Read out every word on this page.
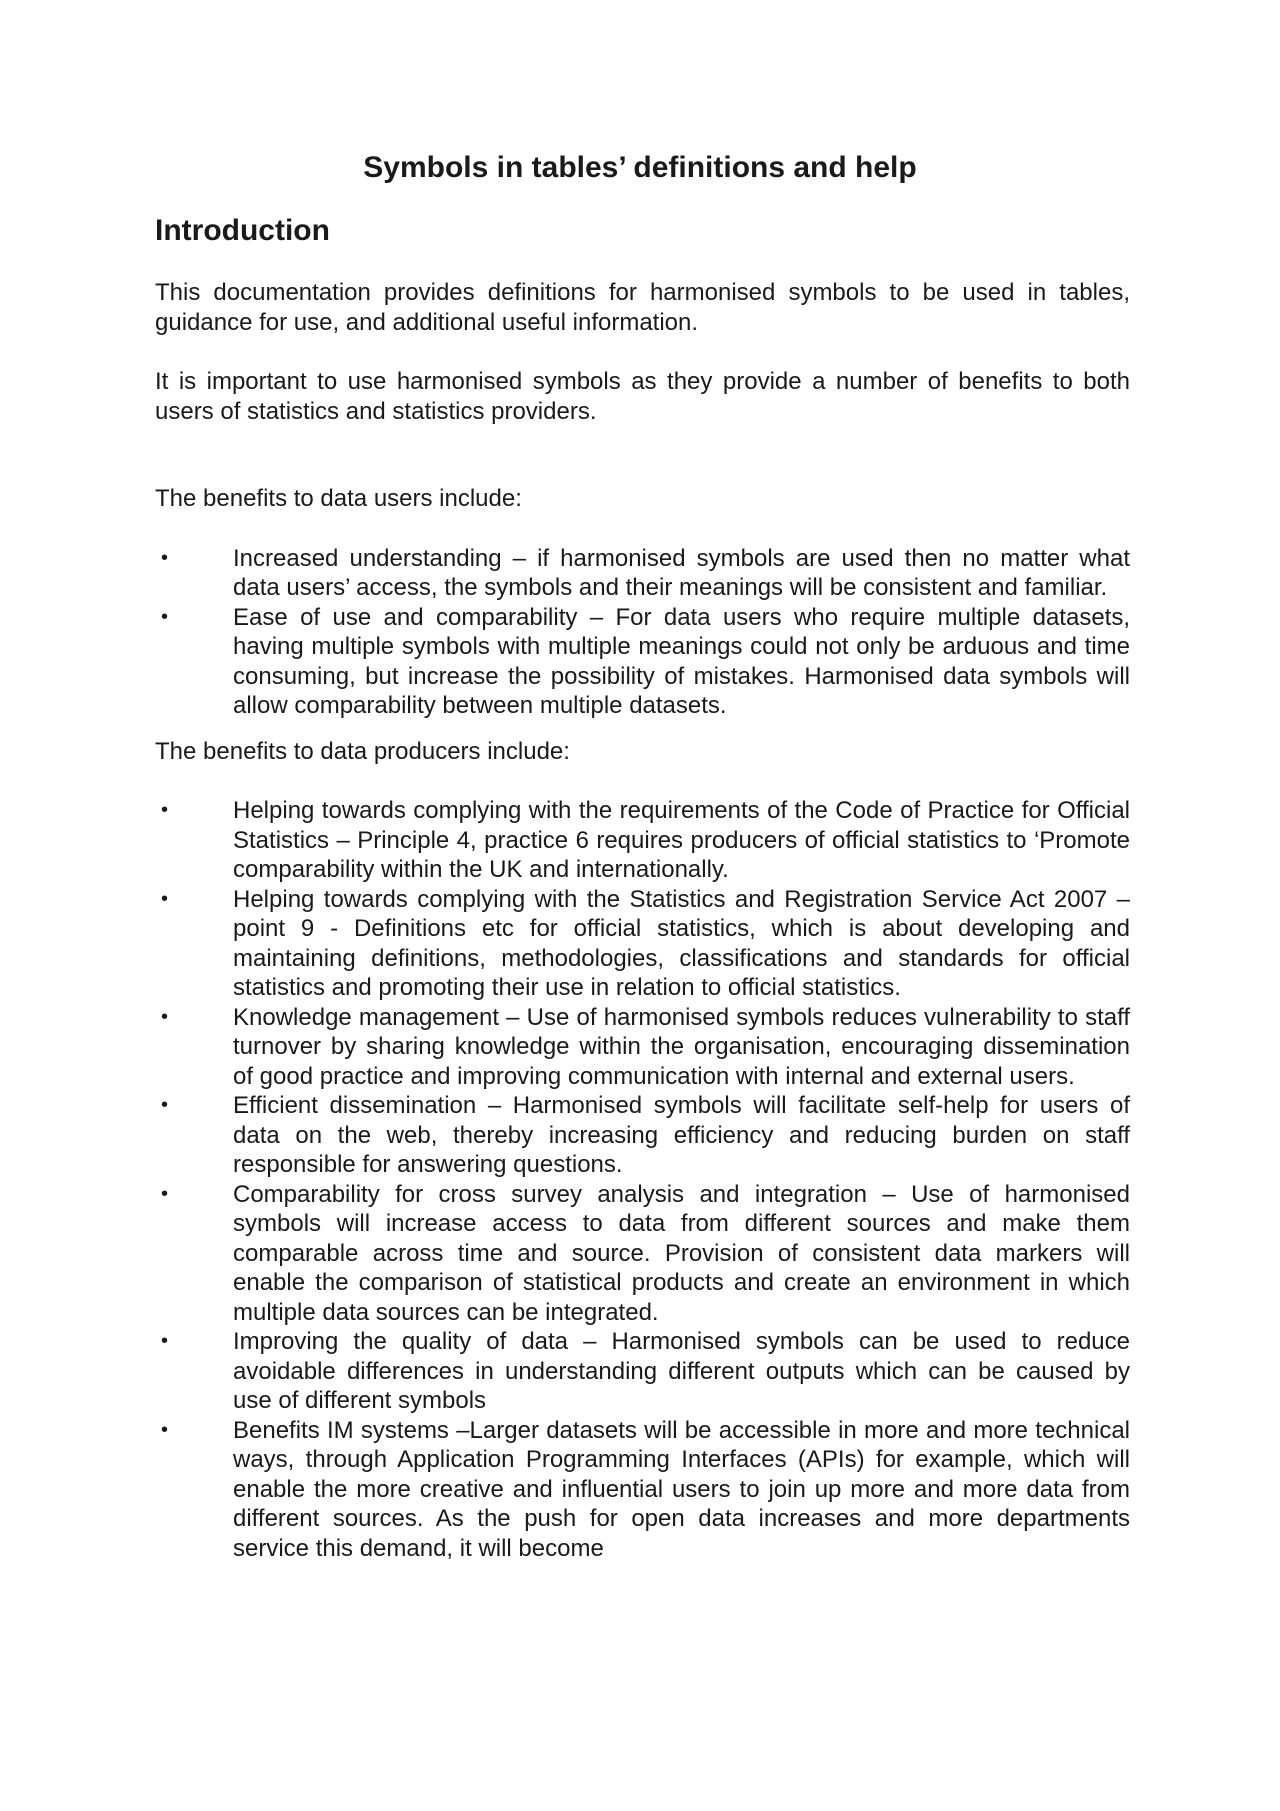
Symbols in tables’ definitions and help
Introduction

This documentation provides definitions for harmonised symbols to be used in tables, guidance for use, and additional useful information.

It is important to use harmonised symbols as they provide a number of benefits to both users of statistics and statistics providers.

The benefits to data users include:

•	Increased understanding – if harmonised symbols are used then no matter what data users’ access, the symbols and their meanings will be consistent and familiar.
•	Ease of use and comparability – For data users who require multiple datasets, having multiple symbols with multiple meanings could not only be arduous and time consuming, but increase the possibility of mistakes. Harmonised data symbols will allow comparability between multiple datasets.

The benefits to data producers include:

•	Helping towards complying with the requirements of the Code of Practice for Official Statistics – Principle 4, practice 6 requires producers of official statistics to ‘Promote comparability within the UK and internationally.
•	Helping towards complying with the Statistics and Registration Service Act 2007 – point 9 - Definitions etc for official statistics, which is about developing and maintaining definitions, methodologies, classifications and standards for official statistics and promoting their use in relation to official statistics.
•	Knowledge management – Use of harmonised symbols reduces vulnerability to staff turnover by sharing knowledge within the organisation, encouraging dissemination of good practice and improving communication with internal and external users.
•	Efficient dissemination – Harmonised symbols will facilitate self-help for users of data on the web, thereby increasing efficiency and reducing burden on staff responsible for answering questions.
•	Comparability for cross survey analysis and integration – Use of harmonised symbols will increase access to data from different sources and make them comparable across time and source. Provision of consistent data markers will enable the comparison of statistical products and create an environment in which multiple data sources can be integrated.
•	Improving the quality of data – Harmonised symbols can be used to reduce avoidable differences in understanding different outputs which can be caused by use of different symbols
•	Benefits IM systems –Larger datasets will be accessible in more and more technical ways, through Application Programming Interfaces (APIs) for example, which will enable the more creative and influential users to join up more and more data from different sources. As the push for open data increases and more departments service this demand, it will become
